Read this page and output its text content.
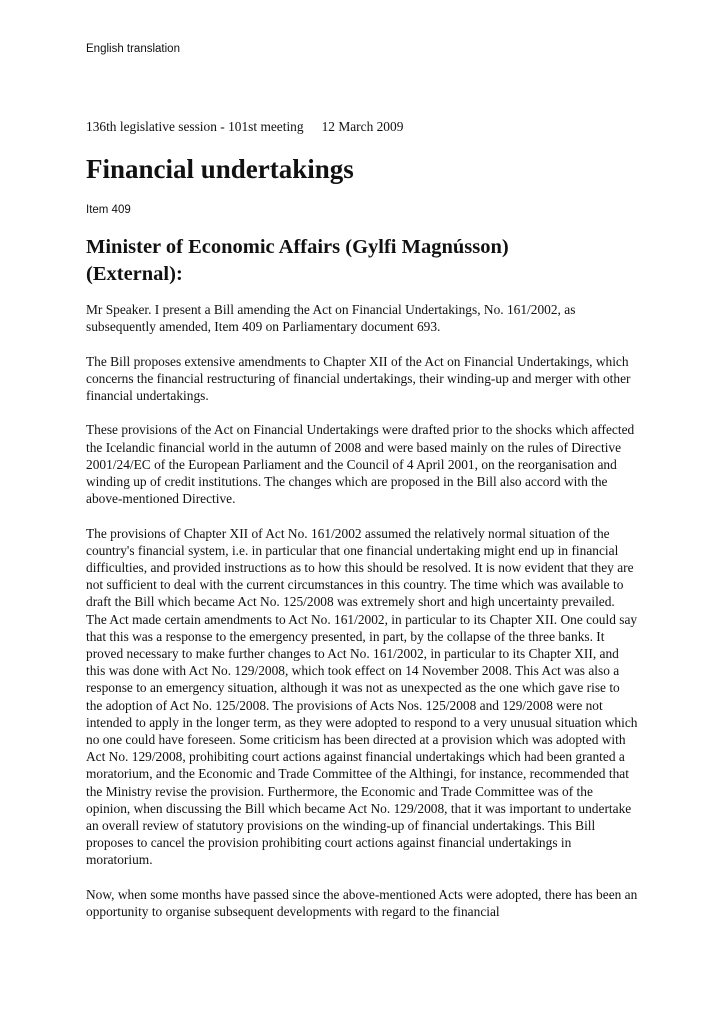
English translation
136th legislative session - 101st meeting 12 March 2009
Financial undertakings
Item 409
Minister of Economic Affairs (Gylfi Magnússon) (External):

Mr Speaker. I present a Bill amending the Act on Financial Undertakings, No. 161/2002, as subsequently amended, Item 409 on Parliamentary document 693.

The Bill proposes extensive amendments to Chapter XII of the Act on Financial Undertakings, which concerns the financial restructuring of financial undertakings, their winding-up and merger with other financial undertakings.

These provisions of the Act on Financial Undertakings were drafted prior to the shocks which affected the Icelandic financial world in the autumn of 2008 and were based mainly on the rules of Directive 2001/24/EC of the European Parliament and the Council of 4 April 2001, on the reorganisation and winding up of credit institutions. The changes which are proposed in the Bill also accord with the above-mentioned Directive.

The provisions of Chapter XII of Act No. 161/2002 assumed the relatively normal situation of the country's financial system, i.e. in particular that one financial undertaking might end up in financial difficulties, and provided instructions as to how this should be resolved. It is now evident that they are not sufficient to deal with the current circumstances in this country. The time which was available to draft the Bill which became Act No. 125/2008 was extremely short and high uncertainty prevailed. The Act made certain amendments to Act No. 161/2002, in particular to its Chapter XII. One could say that this was a response to the emergency presented, in part, by the collapse of the three banks. It proved necessary to make further changes to Act No. 161/2002, in particular to its Chapter XII, and this was done with Act No. 129/2008, which took effect on 14 November 2008. This Act was also a response to an emergency situation, although it was not as unexpected as the one which gave rise to the adoption of Act No. 125/2008. The provisions of Acts Nos. 125/2008 and 129/2008 were not intended to apply in the longer term, as they were adopted to respond to a very unusual situation which no one could have foreseen. Some criticism has been directed at a provision which was adopted with Act No. 129/2008, prohibiting court actions against financial undertakings which had been granted a moratorium, and the Economic and Trade Committee of the Althingi, for instance, recommended that the Ministry revise the provision. Furthermore, the Economic and Trade Committee was of the opinion, when discussing the Bill which became Act No. 129/2008, that it was important to undertake an overall review of statutory provisions on the winding-up of financial undertakings. This Bill proposes to cancel the provision prohibiting court actions against financial undertakings in moratorium.

Now, when some months have passed since the above-mentioned Acts were adopted, there has been an opportunity to organise subsequent developments with regard to the financial
